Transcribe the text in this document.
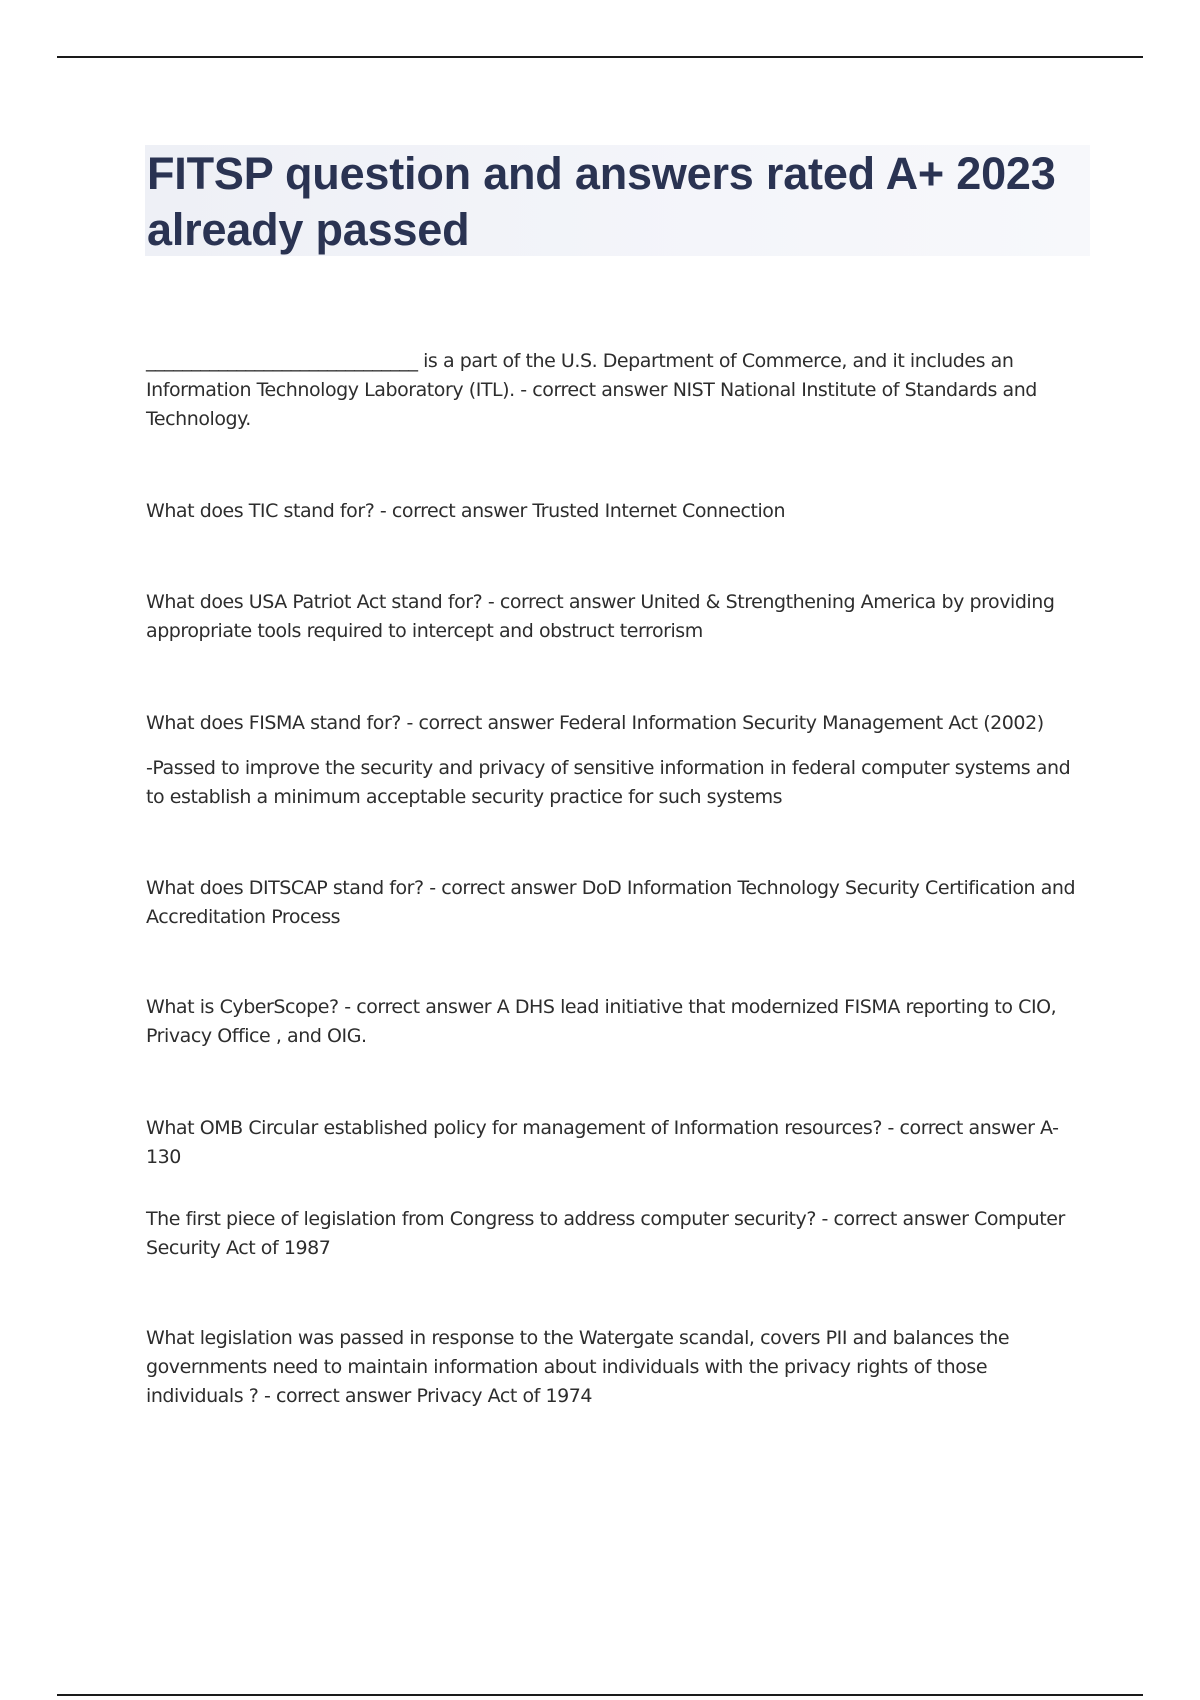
FITSP question and answers rated A+ 2023 already passed

______________________________ is a part of the U.S. Department of Commerce, and it includes an Information Technology Laboratory (ITL). - correct answer NIST National Institute of Standards and Technology.

What does TIC stand for? - correct answer Trusted Internet Connection

What does USA Patriot Act stand for? - correct answer United & Strengthening America by providing appropriate tools required to intercept and obstruct terrorism

What does FISMA stand for? - correct answer Federal Information Security Management Act (2002)

-Passed to improve the security and privacy of sensitive information in federal computer systems and to establish a minimum acceptable security practice for such systems

What does DITSCAP stand for? - correct answer DoD Information Technology Security Certification and Accreditation Process

What is CyberScope? - correct answer A DHS lead initiative that modernized FISMA reporting to CIO, Privacy Office , and OIG.

What OMB Circular established policy for management of Information resources? - correct answer A-130

The first piece of legislation from Congress to address computer security? - correct answer Computer Security Act of 1987

What legislation was passed in response to the Watergate scandal, covers PII and balances the governments need to maintain information about individuals with the privacy rights of those individuals ? - correct answer Privacy Act of 1974
